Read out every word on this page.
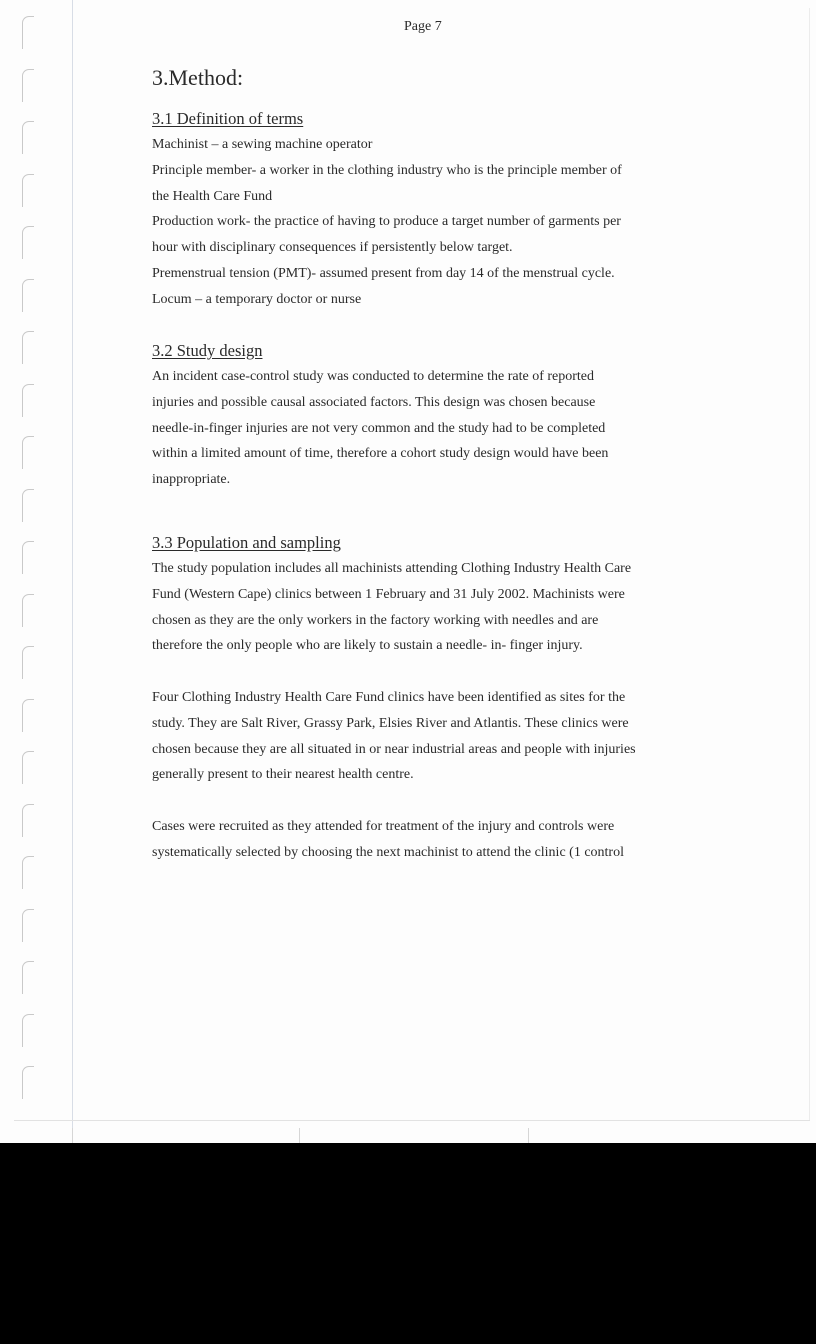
Page 7
3.Method:
3.1 Definition of terms

Machinist – a sewing machine operator

Principle member- a worker in the clothing industry who is the principle member of

the Health Care Fund

Production work- the practice of having to produce a target number of garments per

hour with disciplinary consequences if persistently below target.

Premenstrual tension (PMT)- assumed present from day 14 of the menstrual cycle.

Locum – a temporary doctor or nurse

3.2 Study design

An incident case-control study was conducted to determine the rate of reported

injuries and possible causal associated factors. This design was chosen because

needle-in-finger injuries are not very common and the study had to be completed

within a limited amount of time, therefore a cohort study design would have been

inappropriate.

3.3 Population and sampling

The study population includes all machinists attending Clothing Industry Health Care

Fund (Western Cape) clinics between 1 February and 31 July 2002. Machinists were

chosen as they are the only workers in the factory working with needles and are

therefore the only people who are likely to sustain a needle- in- finger injury.

Four Clothing Industry Health Care Fund clinics have been identified as sites for the

study. They are Salt River, Grassy Park, Elsies River and Atlantis. These clinics were

chosen because they are all situated in or near industrial areas and people with injuries

generally present to their nearest health centre.

Cases were recruited as they attended for treatment of the injury and controls were

systematically selected by choosing the next machinist to attend the clinic (1 control
